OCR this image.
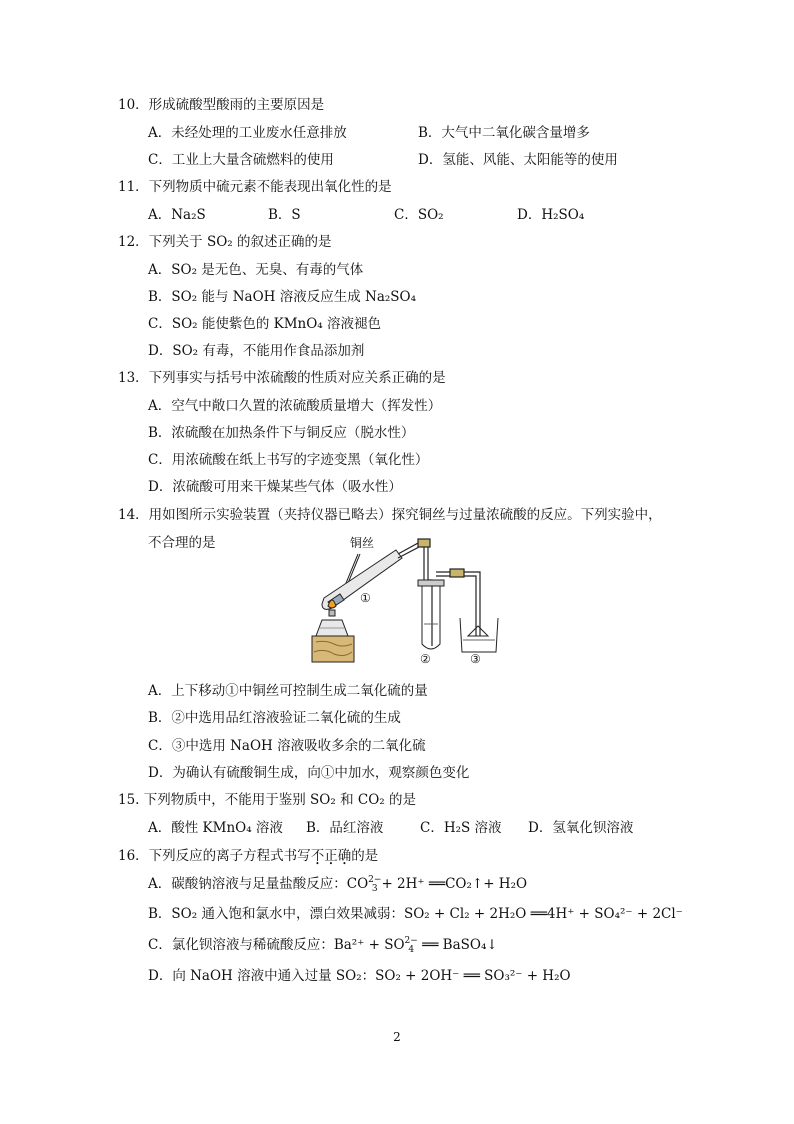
10．形成硫酸型酸雨的主要原因是
A．未经处理的工业废水任意排放	B．大气中二氧化碳含量增多
C．工业上大量含硫燃料的使用	D．氢能、风能、太阳能等的使用
11．下列物质中硫元素不能表现出氧化性的是
A．Na₂S	B．S	C．SO₂	D．H₂SO₄
12．下列关于 SO₂ 的叙述正确的是
A．SO₂ 是无色、无臭、有毒的气体
B．SO₂ 能与 NaOH 溶液反应生成 Na₂SO₄
C．SO₂ 能使紫色的 KMnO₄ 溶液褪色
D．SO₂ 有毒，不能用作食品添加剂
13．下列事实与括号中浓硫酸的性质对应关系正确的是
A．空气中敞口久置的浓硫酸质量增大（挥发性）
B．浓硫酸在加热条件下与铜反应（脱水性）
C．用浓硫酸在纸上书写的字迹变黑（氧化性）
D．浓硫酸可用来干燥某些气体（吸水性）
14．用如图所示实验装置（夹持仪器已略去）探究铜丝与过量浓硫酸的反应。下列实验中，
不合理的是	铜丝
①
②	③
A．上下移动①中铜丝可控制生成二氧化硫的量
B．②中选用品红溶液验证二氧化硫的生成
C．③中选用 NaOH 溶液吸收多余的二氧化硫
D．为确认有硫酸铜生成，向①中加水，观察颜色变化
15. 下列物质中，不能用于鉴别 SO₂ 和 CO₂ 的是
A．酸性 KMnO₄ 溶液 B．品红溶液	C．H₂S 溶液 D．氢氧化钡溶液
16．下列反应的离子方程式书写不正确的是
A．碳酸钠溶液与足量盐酸反应：CO 2−
3 + 2H⁺ ══CO₂↑+ H₂O
B．SO₂ 通入饱和氯水中，漂白效果减弱：SO₂ + Cl₂ + 2H₂O ══4H⁺ + SO₄²⁻ + 2Cl⁻
C．氯化钡溶液与稀硫酸反应：Ba²⁺ + SO 2−
4 ══ BaSO₄↓
D．向 NaOH 溶液中通入过量 SO₂：SO₂ + 2OH⁻ ══ SO₃²⁻ + H₂O
2
